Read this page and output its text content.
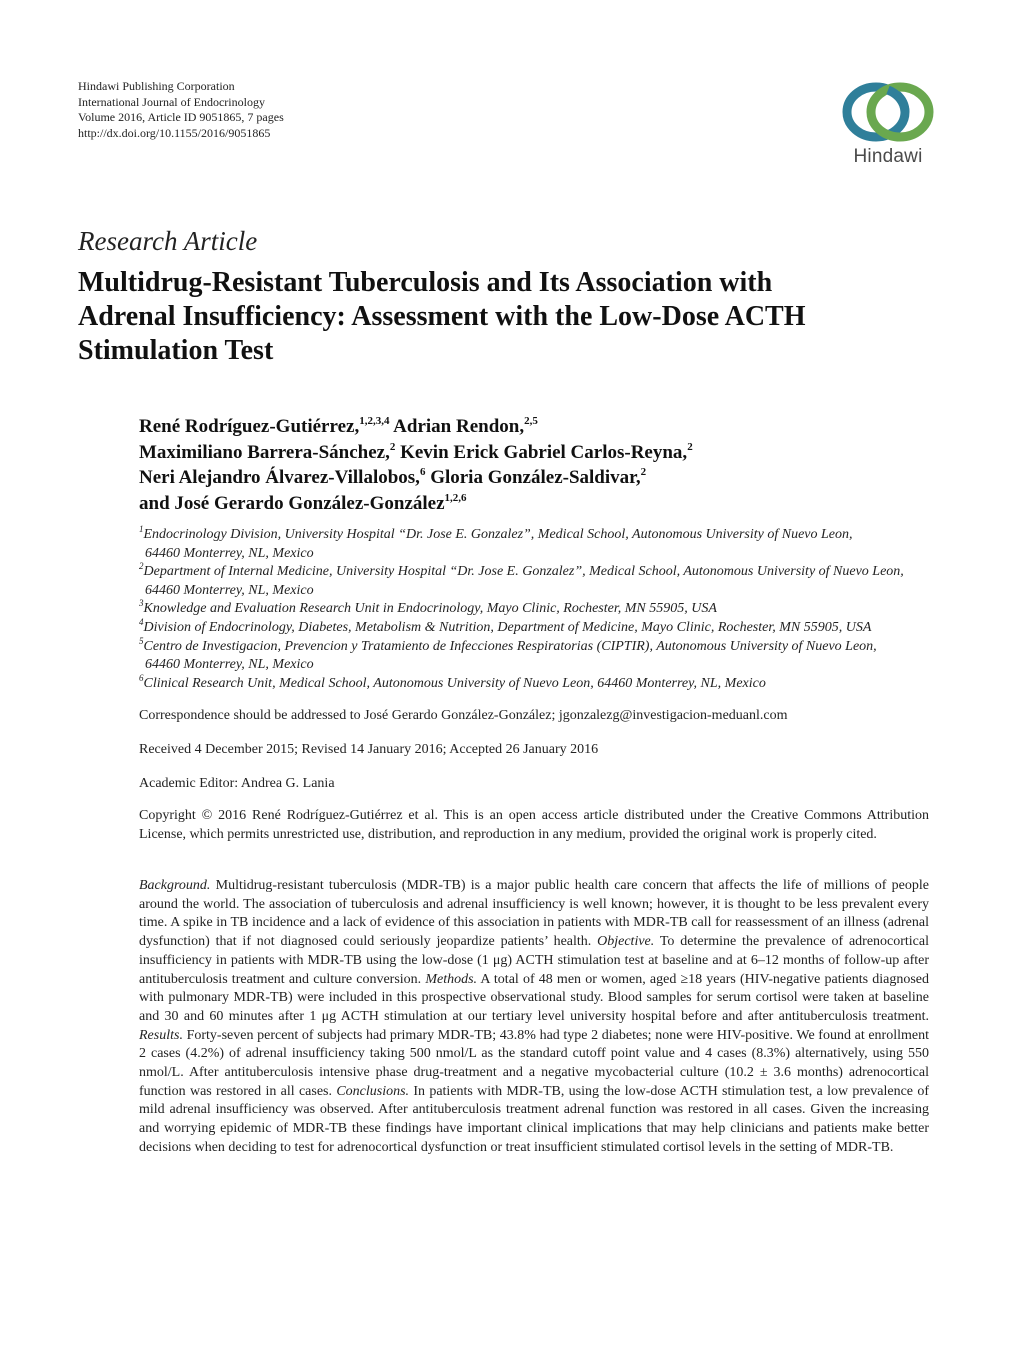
Hindawi Publishing Corporation
International Journal of Endocrinology
Volume 2016, Article ID 9051865, 7 pages
http://dx.doi.org/10.1155/2016/9051865
Hindawi
Research Article
Multidrug-Resistant Tuberculosis and Its Association with
Adrenal Insufficiency: Assessment with the Low-Dose ACTH
Stimulation Test
René Rodríguez-Gutiérrez,$^{1,2,3,4}$ Adrian Rendon,$^{2,5}$
Maximiliano Barrera-Sánchez,$^2$ Kevin Erick Gabriel Carlos-Reyna,$^2$
Neri Alejandro Álvarez-Villalobos,$^6$ Gloria González-Saldivar,$^2$
and José Gerardo González-González$^{1,2,6}$
$^1$Endocrinology Division, University Hospital “Dr. Jose E. Gonzalez”, Medical School, Autonomous University of Nuevo Leon,
64460 Monterrey, NL, Mexico
$^2$Department of Internal Medicine, University Hospital “Dr. Jose E. Gonzalez”, Medical School, Autonomous University of Nuevo Leon,
64460 Monterrey, NL, Mexico
$^3$Knowledge and Evaluation Research Unit in Endocrinology, Mayo Clinic, Rochester, MN 55905, USA
$^4$Division of Endocrinology, Diabetes, Metabolism & Nutrition, Department of Medicine, Mayo Clinic, Rochester, MN 55905, USA
$^5$Centro de Investigacion, Prevencion y Tratamiento de Infecciones Respiratorias (CIPTIR), Autonomous University of Nuevo Leon,
64460 Monterrey, NL, Mexico
$^6$Clinical Research Unit, Medical School, Autonomous University of Nuevo Leon, 64460 Monterrey, NL, Mexico
Correspondence should be addressed to José Gerardo González-González; jgonzalezg@investigacion-meduanl.com
Received 4 December 2015; Revised 14 January 2016; Accepted 26 January 2016
Academic Editor: Andrea G. Lania
Copyright © 2016 René Rodríguez-Gutiérrez et al. This is an open access article distributed under the Creative Commons Attribution License, which permits unrestricted use, distribution, and reproduction in any medium, provided the original work is properly cited.
Background. Multidrug-resistant tuberculosis (MDR-TB) is a major public health care concern that affects the life of millions of people around the world. The association of tuberculosis and adrenal insufficiency is well known; however, it is thought to be less prevalent every time. A spike in TB incidence and a lack of evidence of this association in patients with MDR-TB call for reassessment of an illness (adrenal dysfunction) that if not diagnosed could seriously jeopardize patients’ health. Objective. To determine the prevalence of adrenocortical insufficiency in patients with MDR-TB using the low-dose (1 μg) ACTH stimulation test at baseline and at 6–12 months of follow-up after antituberculosis treatment and culture conversion. Methods. A total of 48 men or women, aged ≥18 years (HIV-negative patients diagnosed with pulmonary MDR-TB) were included in this prospective observational study. Blood samples for serum cortisol were taken at baseline and 30 and 60 minutes after 1 μg ACTH stimulation at our tertiary level university hospital before and after antituberculosis treatment. Results. Forty-seven percent of subjects had primary MDR-TB; 43.8% had type 2 diabetes; none were HIV-positive. We found at enrollment 2 cases (4.2%) of adrenal insufficiency taking 500 nmol/L as the standard cutoff point value and 4 cases (8.3%) alternatively, using 550 nmol/L. After antituberculosis intensive phase drug-treatment and a negative mycobacterial culture (10.2 ± 3.6 months) adrenocortical function was restored in all cases. Conclusions. In patients with MDR-TB, using the low-dose ACTH stimulation test, a low prevalence of mild adrenal insufficiency was observed. After antituberculosis treatment adrenal function was restored in all cases. Given the increasing and worrying epidemic of MDR-TB these findings have important clinical implications that may help clinicians and patients make better decisions when deciding to test for adrenocortical dysfunction or treat insufficient stimulated cortisol levels in the setting of MDR-TB.
